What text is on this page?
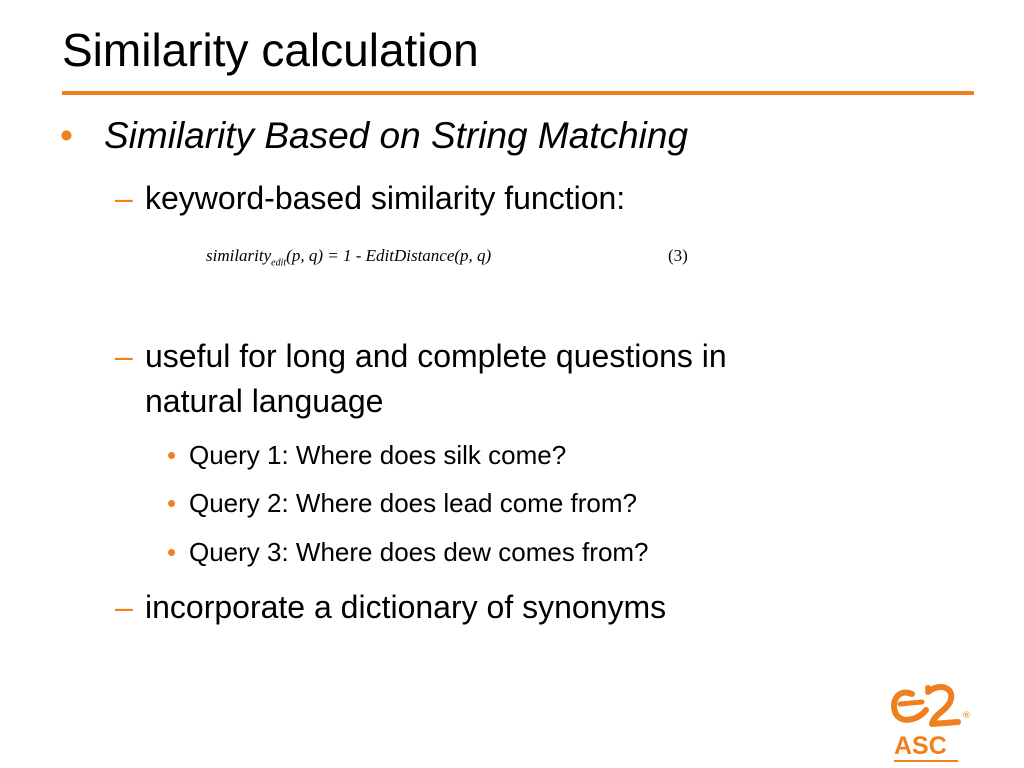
Similarity calculation
• Similarity Based on String Matching
– keyword-based similarity function:
similarity$_{edit}$(p, q) = 1 - EditDistance(p, q)	(3)
– useful for long and complete questions in
natural language
• Query 1: Where does silk come?
• Query 2: Where does lead come from?
• Query 3: Where does dew comes from?
– incorporate a dictionary of synonyms
®
ASC
